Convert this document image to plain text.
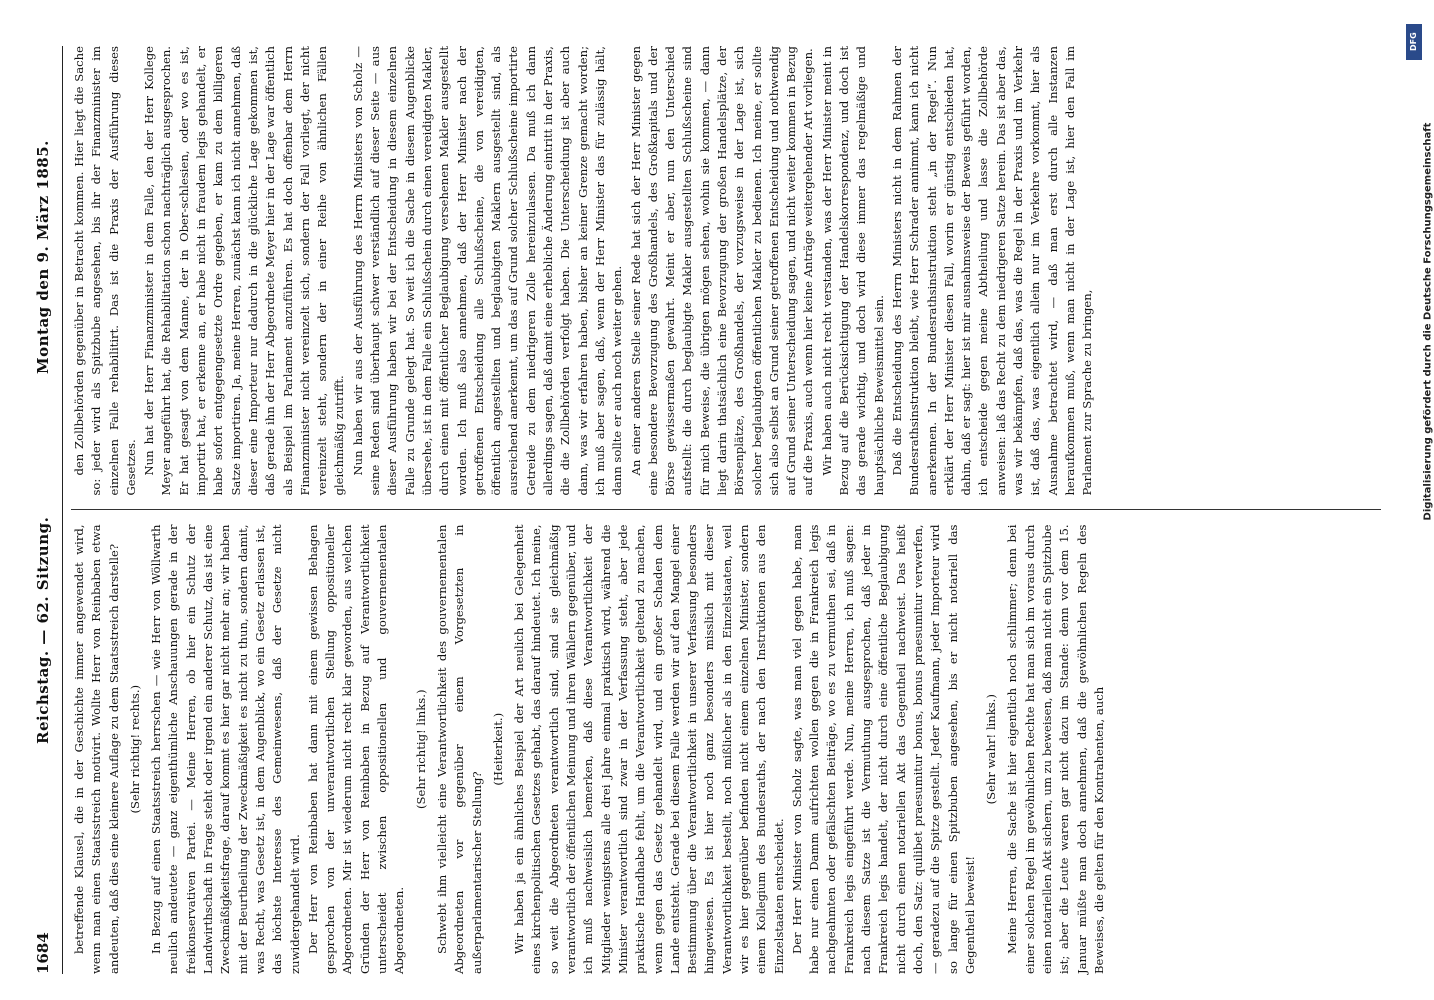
1684
Reichstag. — 62. Sitzung.
Montag den 9. März 1885.

betreffende Klausel, die in der Geschichte immer angewendet wird, wenn man einen Staatsstreich motivirt. Wollte Herr von Reinbaben etwa andeuten, daß dies eine kleinere Auflage zu dem Staatsstreich darstelle? (Sehr richtig! rechts.) In Bezug auf einen Staatsstreich herrschen — wie Herr von Wöllwarth neulich andeutete — ganz eigenthümliche Anschauungen gerade in der freikonservativen Partei. — Meine Herren, ob hier ein Schutz der Landwirthschaft in Frage steht oder irgend ein anderer Schutz, das ist eine Zweckmäßigkeitsfrage, darauf kommt es hier gar nicht mehr an; wir haben mit der Beurtheilung der Zweckmäßigkeit es nicht zu thun, sondern damit, was Recht, was Gesetz ist, in dem Augenblick, wo ein Gesetz erlassen ist, das höchste Interesse des Gemeinwesens, daß der Gesetze nicht zuwidergehandelt wird. Der Herr von Reinbaben hat dann mit einem gewissen Behagen gesprochen von der unverantwortlichen Stellung oppositioneller Abgeordneten. Mir ist wiederum nicht recht klar geworden, aus welchen Gründen der Herr von Reinbaben in Bezug auf Verantwortlichkeit unterscheidet zwischen oppositionellen und gouvernementalen Abgeordneten.

(Sehr richtig! links.) Schwebt ihm vielleicht eine Verantwortlichkeit des gouvernementalen Abgeordneten vor gegenüber einem Vorgesetzten in außerparlamentarischer Stellung?

(Heiterkeit.) Wir haben ja ein ähnliches Beispiel der Art neulich bei Gelegenheit eines kirchenpolitischen Gesetzes gehabt, das darauf hindeutet. Ich meine, so weit die Abgeordneten verantwortlich sind, sind sie gleichmäßig verantwortlich der öffentlichen Meinung und ihren Wählern gegenüber, und ich muß nachweislich bemerken, daß diese Verantwortlichkeit der Mitglieder wenigstens alle drei Jahre einmal praktisch wird, während die Minister verantwortlich sind zwar in der Verfassung steht, aber jede praktische Handhabe fehlt, um die Verantwortlichkeit geltend zu machen, wenn gegen das Gesetz gehandelt wird, und ein großer Schaden dem Lande entsteht. Gerade bei diesem Falle werden wir auf den Mangel einer Bestimmung über die Verantwortlichkeit in unserer Verfassung besonders hingewiesen. Es ist hier noch ganz besonders misslich mit dieser Verantwortlichkeit bestellt, noch mißlicher als in den Einzelstaaten, weil wir es hier gegenüber befinden nicht einem einzelnen Minister, sondern einem Kollegium des Bundesraths, der nach den Instruktionen aus den Einzelstaaten entscheidet. Der Herr Minister von Scholz sagte, was man viel gegen habe, man habe nur einen Damm aufrichten wollen gegen die in Frankreich legis nachgeahmten oder gefälschten Beiträge, wo es zu vermuthen sei, daß in Frankreich legis eingeführt werde. Nun, meine Herren, ich muß sagen: nach diesem Satze ist die Vermuthung ausgesprochen, daß jeder in Frankreich legis handelt, der nicht durch eine öffentliche Beglaubigung nicht durch einen notariellen Akt das Gegentheil nachweist. Das heißt doch, den Satz: quilibet praesumitur bonus, bonus praesumitur verwerfen, — geradezu auf die Spitze gestellt. Jeder Kaufmann, jeder Importeur wird so lange für einen Spitzbuben angesehen, bis er nicht notariell das Gegentheil beweist!

(Sehr wahr! links.) Meine Herren, die Sache ist hier eigentlich noch schlimmer; denn bei einer solchen Regel im gewöhnlichen Rechte hat man sich im voraus durch einen notariellen Akt sichern, um zu beweisen, daß man nicht ein Spitzbube ist; aber die Leute waren gar nicht dazu im Stande: denn vor dem 15. Januar müßte man doch annehmen, daß die gewöhnlichen Regeln des Beweises, die gelten für den Kontrahenten, auch

den Zollbehörden gegenüber in Betracht kommen. Hier liegt die Sache so: jeder wird als Spitzbube angesehen, bis ihr der Finanzminister im einzelnen Falle rehabilitirt. Das ist die Praxis der Ausführung dieses Gesetzes. Nun hat der Herr Finanzminister in dem Falle, den der Herr Kollege Meyer angeführt hat, die Rehabilitation schon nachträglich ausgesprochen. Er hat gesagt von dem Manne, der in Ober-schlesien, oder wo es ist, importirt hat, er erkenne an, er habe nicht in fraudem legis gehandelt, er habe sofort entgegengesetzte Ordre gegeben, er kam zu dem billigeren Satze importiren. Ja, meine Herren, zunächst kann ich nicht annehmen, daß dieser eine Importeur nur dadurch in die glückliche Lage gekommen ist, daß gerade ihn der Herr Abgeordnete Meyer hier in der Lage war öffentlich als Beispiel im Parlament anzuführen. Es hat doch offenbar dem Herrn Finanzminister nicht vereinzelt sich, sondern der Fall vorliegt, der nicht vereinzelt steht, sondern der in einer Reihe von ähnlichen Fällen gleichmäßig zutrifft. Nun haben wir aus der Ausführung des Herrn Ministers von Scholz — seine Reden sind überhaupt schwer verständlich auf dieser Seite — aus dieser Ausführung haben wir bei der Entscheidung in diesem einzelnen Falle zu Grunde gelegt hat. So weit ich die Sache in diesem Augenblicke übersehe, ist in dem Falle ein Schlußschein durch einen vereidigten Makler, durch einen mit öffentlicher Beglaubigung versehenen Makler ausgestellt worden. Ich muß also annehmen, daß der Herr Minister nach der getroffenen Entscheidung alle Schlußscheine, die von vereidigten, öffentlich angestellten und beglaubigten Maklern ausgestellt sind, als ausreichend anerkennt, um das auf Grund solcher Schlußscheine importirte Getreide zu dem niedrigeren Zolle hereinzulassen. Da muß ich dann allerdings sagen, daß damit eine erhebliche Änderung eintritt in der Praxis, die die Zollbehörden verfolgt haben. Die Unterscheidung ist aber auch dann, was wir erfahren haben, bisher an keiner Grenze gemacht worden; ich muß aber sagen, daß, wenn der Herr Minister das für zulässig hält, dann sollte er auch noch weiter gehen. An einer anderen Stelle seiner Rede hat sich der Herr Minister gegen eine besondere Bevorzugung des Großhandels, des Großkapitals und der Börse gewissermaßen gewahrt. Meint er aber, nun den Unterschied aufstellt: die durch beglaubigte Makler ausgestellten Schlußscheine sind für mich Beweise, die übrigen mögen sehen, wohin sie kommen, — dann liegt darin thatsächlich eine Bevorzugung der großen Handelsplätze, der Börsenplätze, des Großhandels, der vorzugsweise in der Lage ist, sich solcher beglaubigten öffentlichen Makler zu bedienen. Ich meine, er sollte sich also selbst an Grund seiner getroffenen Entscheidung und nothwendig auf Grund seiner Unterscheidung sagen, und nicht weiter kommen in Bezug auf die Praxis, auch wenn hier keine Anträge weitergehender Art vorliegen. Wir haben auch nicht recht verstanden, was der Herr Minister meint in Bezug auf die Berücksichtigung der Handelskorrespondenz, und doch ist das gerade wichtig, und doch wird diese immer das regelmäßige und hauptsächliche Beweismittel sein. Daß die Entscheidung des Herrn Ministers nicht in dem Rahmen der Bundesrathsinstruktion bleibt, wie Herr Schrader annimmt, kann ich nicht anerkennen. In der Bundesrathsinstruktion steht „in der Regel“. Nun erklärt der Herr Minister diesen Fall, worin er günstig entschieden hat, dahin, daß er sagt: hier ist mir ausnahmsweise der Beweis geführt worden, ich entscheide gegen meine Abtheilung und lasse die Zollbehörde anweisen: laß das Recht zu dem niedrigeren Satze herein. Das ist aber das, was wir bekämpfen, daß das, was die Regel in der Praxis und im Verkehr ist, daß das, was eigentlich allein nur im Verkehre vorkommt, hier als Ausnahme betrachtet wird, — daß man erst durch alle Instanzen heraufkommen muß, wenn man nicht in der Lage ist, hier den Fall im Parlament zur Sprache zu bringen,	Digitalisierung gefördert durch die Deutsche Forschungsgemeinschaft
DFG
